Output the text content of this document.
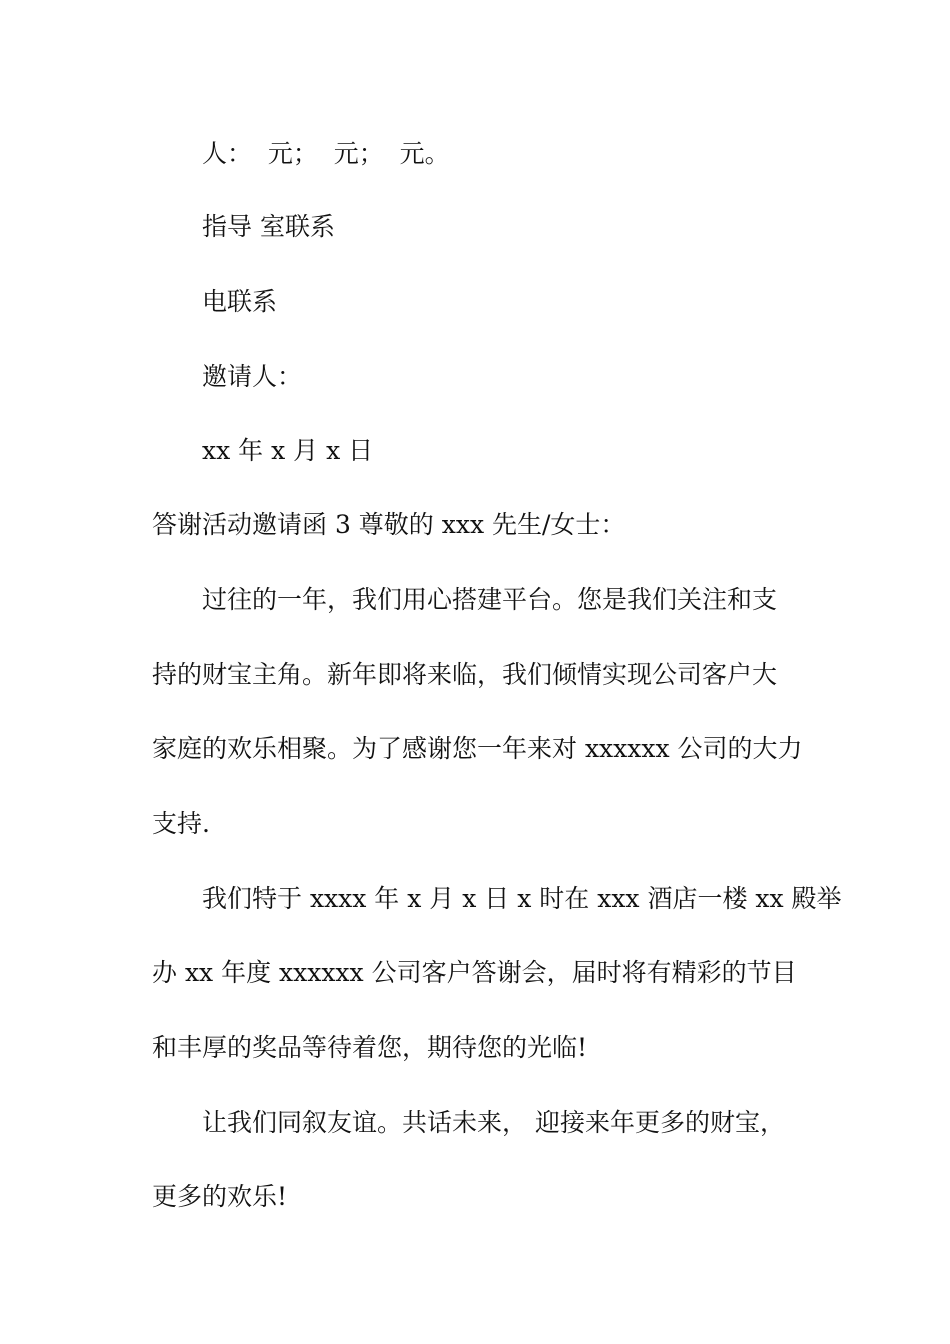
人：  元；  元；  元。
指导 室联系
电联系
邀请人：
xx 年 x 月 x 日
答谢活动邀请函 3 尊敬的 xxx 先生/女士：
过往的一年，我们用心搭建平台。您是我们关注和支
持的财宝主角。新年即将来临，我们倾情实现公司客户大
家庭的欢乐相聚。为了感谢您一年来对 xxxxxx 公司的大力
支持.
我们特于 xxxx 年 x 月 x 日 x 时在 xxx 酒店一楼 xx 殿举
办 xx 年度 xxxxxx 公司客户答谢会，届时将有精彩的节目
和丰厚的奖品等待着您，期待您的光临!
让我们同叙友谊。共话未来， 迎接来年更多的财宝，
更多的欢乐!
